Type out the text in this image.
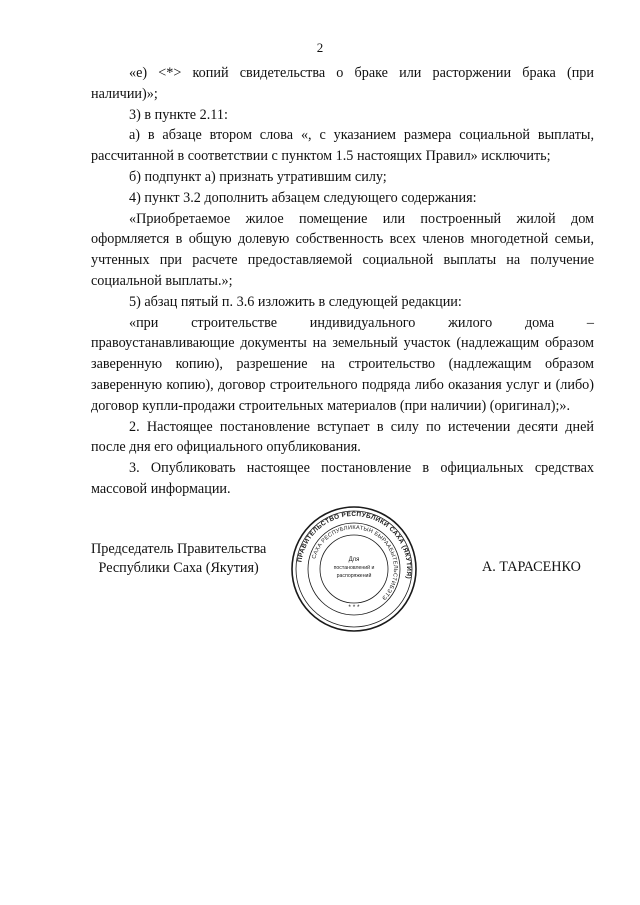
2

«е) <*> копий свидетельства о браке или расторжении брака (при наличии)»;

3) в пункте 2.11:

а) в абзаце втором слова «, с указанием размера социальной выплаты, рассчитанной в соответствии с пунктом 1.5 настоящих Правил» исключить;

б) подпункт а) признать утратившим силу;

4) пункт 3.2 дополнить абзацем следующего содержания:

«Приобретаемое жилое помещение или построенный жилой дом оформляется в общую долевую собственность всех членов многодетной семьи, учтенных при расчете предоставляемой социальной выплаты на получение социальной выплаты.»;

5) абзац пятый п. 3.6 изложить в следующей редакции:

«при строительстве индивидуального жилого дома – правоустанавливающие документы на земельный участок (надлежащим образом заверенную копию), разрешение на строительство (надлежащим образом заверенную копию), договор строительного подряда либо оказания услуг и (либо) договор купли-продажи строительных материалов (при наличии) (оригинал);».

2. Настоящее постановление вступает в силу по истечении десяти дней после дня его официального опубликования.

3. Опубликовать настоящее постановление в официальных средствах массовой информации.

Председатель Правительства
Республики Саха (Якутия)	А. ТАРАСЕНКО
ПРАВИТЕЛЬСТВО РЕСПУБЛИКИ САХА (ЯКУТИЯ)
САХА РЕСПУБЛИКАТЫН БЫРААБЫТЕЛЬСТИБЭТЭ
Для
постановлений и
распоряжений
* * *
